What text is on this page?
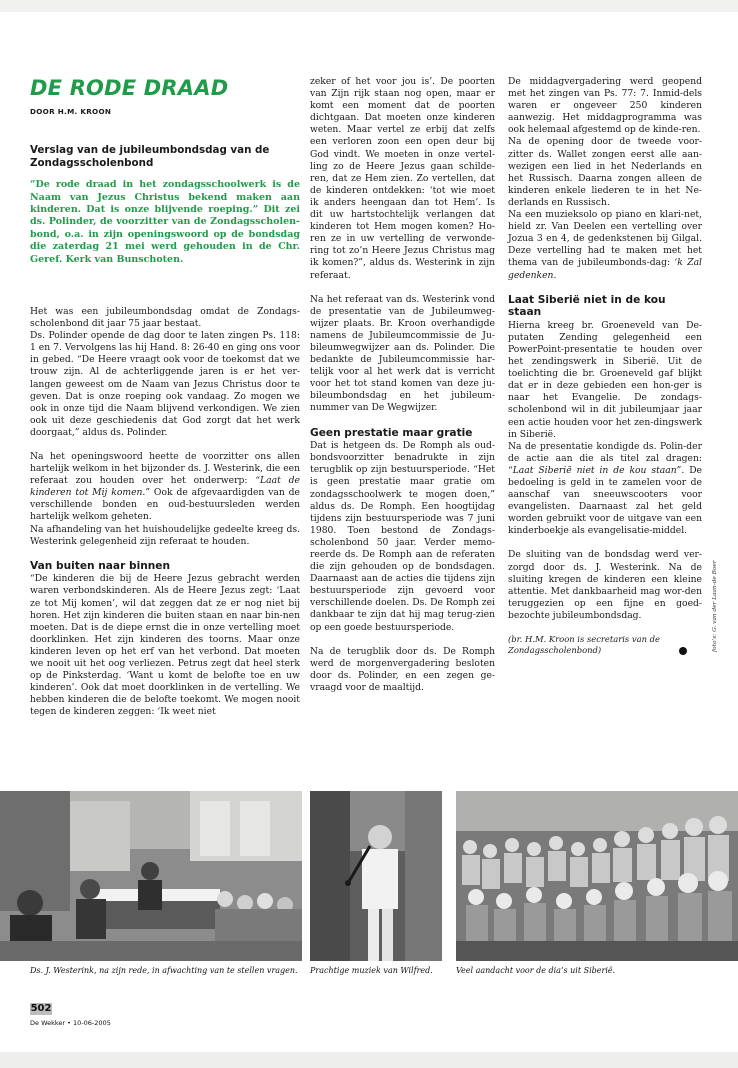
DE RODE DRAAD
DOOR H.M. KROON
Verslag van de jubileumbondsdag van de Zondagsscholenbond

“De rode draad in het zondagsschoolwerk is de Naam van Jezus Christus bekend maken aan kinderen. Dat is onze blijvende roeping.” Dit zei ds. Polinder, de voorzitter van de Zondagsscholen-bond, o.a. in zijn openingswoord op de bondsdag die zaterdag 21 mei werd gehouden in de Chr. Geref. Kerk van Bunschoten.

Het was een jubileumbondsdag omdat de Zondags-scholenbond dit jaar 75 jaar bestaat.

Ds. Polinder opende de dag door te laten zingen Ps. 118: 1 en 7. Vervolgens las hij Hand. 8: 26-40 en ging ons voor in gebed. “De Heere vraagt ook voor de toekomst dat we trouw zijn. Al de achterliggende jaren is er het ver-langen geweest om de Naam van Jezus Christus door te geven. Dat is onze roeping ook vandaag. Zo mogen we ook in onze tijd die Naam blijvend verkondigen. We zien ook uit deze geschiedenis dat God zorgt dat het werk doorgaat,” aldus ds. Polinder.

Na het openingswoord heette de voorzitter ons allen hartelijk welkom in het bijzonder ds. J. Westerink, die een referaat zou houden over het onderwerp: “Laat de kinderen tot Mij komen.” Ook de afgevaardigden van de verschillende bonden en oud-bestuursleden werden hartelijk welkom geheten.

Na afhandeling van het huishoudelijke gedeelte kreeg ds. Westerink gelegenheid zijn referaat te houden.

Van buiten naar binnen

“De kinderen die bij de Heere Jezus gebracht werden waren verbondskinderen. Als de Heere Jezus zegt: ‘Laat ze tot Mij komen’, wil dat zeggen dat ze er nog niet bij horen. Het zijn kinderen die buiten staan en naar bin-nen moeten. Dat is de diepe ernst die in onze vertelling moet doorklinken. Het zijn kinderen des toorns. Maar onze kinderen leven op het erf van het verbond. Dat moeten we nooit uit het oog verliezen. Petrus zegt dat heel sterk op de Pinksterdag. ‘Want u komt de belofte toe en uw kinderen’. Ook dat moet doorklinken in de vertelling. We hebben kinderen die de belofte toekomt. We mogen nooit tegen de kinderen zeggen: ‘Ik weet niet

zeker of het voor jou is’. De poorten van Zijn rijk staan nog open, maar er komt een moment dat de poorten dichtgaan. Dat moeten onze kinderen weten. Maar vertel ze erbij dat zelfs een verloren zoon een open deur bij God vindt. We moeten in onze vertel-ling zo de Heere Jezus gaan schilde-ren, dat ze Hem zien. Zo vertellen, dat de kinderen ontdekken: ‘tot wie moet ik anders heengaan dan tot Hem’. Is dit uw hartstochtelijk verlangen dat kinderen tot Hem mogen komen? Ho-ren ze in uw vertelling de verwonde-ring tot zo’n Heere Jezus Christus mag ik komen?”, aldus ds. Westerink in zijn referaat.

Na het referaat van ds. Westerink vond de presentatie van de Jubileumweg-wijzer plaats. Br. Kroon overhandigde namens de Jubileumcommissie de Ju-bileumwegwijzer aan ds. Polinder. Die bedankte de Jubileumcommissie har-telijk voor al het werk dat is verricht voor het tot stand komen van deze ju-bileumbondsdag en het jubileum-nummer van De Wegwijzer.

Geen prestatie maar gratie

Dat is hetgeen ds. De Romph als oud-bondsvoorzitter benadrukte in zijn terugblik op zijn bestuursperiode. “Het is geen prestatie maar gratie om zondagsschoolwerk te mogen doen,” aldus ds. De Romph. Een hoogtijdag tijdens zijn bestuursperiode was 7 juni 1980. Toen bestond de Zondags-scholenbond 50 jaar. Verder memo-reerde ds. De Romph aan de referaten die zijn gehouden op de bondsdagen. Daarnaast aan de acties die tijdens zijn bestuursperiode zijn gevoerd voor verschillende doelen. Ds. De Romph zei dankbaar te zijn dat hij mag terug-zien op een goede bestuursperiode.

Na de terugblik door ds. De Romph werd de morgenvergadering besloten door ds. Polinder, en een zegen ge-vraagd voor de maaltijd.

De middagvergadering werd geopend met het zingen van Ps. 77: 7. Inmid-dels waren er ongeveer 250 kinderen aanwezig. Het middagprogramma was ook helemaal afgestemd op de kinde-ren.

Na de opening door de tweede voor-zitter ds. Wallet zongen eerst alle aan-wezigen een lied in het Nederlands en het Russisch. Daarna zongen alleen de kinderen enkele liederen te in het Ne-derlands en Russisch.

Na een muzieksolo op piano en klari-net, hield zr. Van Deelen een vertelling over Jozua 3 en 4, de gedenkstenen bij Gilgal. Deze vertelling had te maken met het thema van de jubileumbonds-dag: ‘k Zal gedenken.

Laat Siberië niet in de kou staan

Hierna kreeg br. Groeneveld van De-putaten Zending gelegenheid een PowerPoint-presentatie te houden over het zendingswerk in Siberië. Uit de toelichting die br. Groeneveld gaf blijkt dat er in deze gebieden een hon-ger is naar het Evangelie. De zondags-scholenbond wil in dit jubileumjaar jaar een actie houden voor het zen-dingswerk in Siberië.

Na de presentatie kondigde ds. Polin-der de actie aan die als titel zal dragen: “Laat Siberië niet in de kou staan”. De bedoeling is geld in te zamelen voor de aanschaf van sneeuwscooters voor evangelisten. Daarnaast zal het geld worden gebruikt voor de uitgave van een kinderboekje als evangelisatie-middel.

De sluiting van de bondsdag werd ver-zorgd door ds. J. Westerink. Na de sluiting kregen de kinderen een kleine attentie. Met dankbaarheid mag wor-den teruggezien op een fijne en goed-bezochte jubileumbondsdag.

(br. H.M. Kroon is secretaris van de Zondagsscholenbond)	foto’s: G. van der Laan-de Boer
Ds. J. Westerink, na zijn rede, in afwachting van te stellen vragen. Prachtige muziek van Wilfred.	Veel aandacht voor de dia’s uit Siberië.
502
De Wekker • 10-06-2005
